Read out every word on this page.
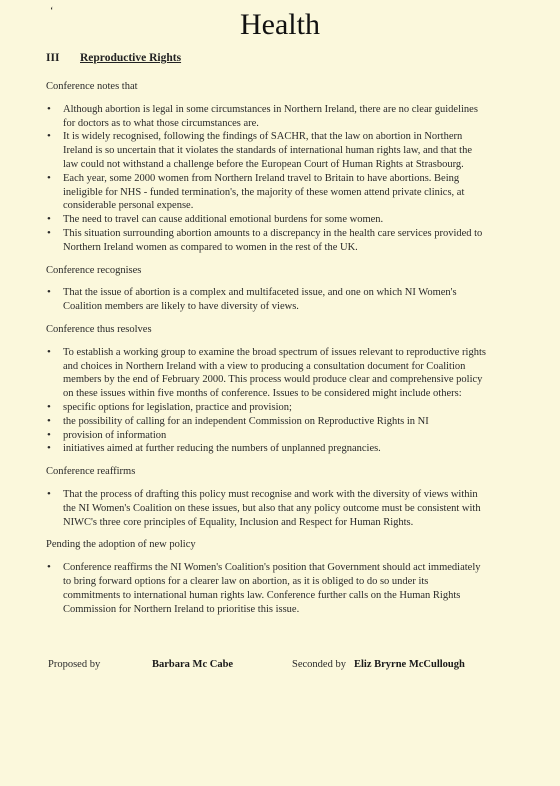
‘	Health
III Reproductive Rights

Conference notes that

• Although abortion is legal in some circumstances in Northern Ireland, there are no clear guidelines for doctors as to what those circumstances are.
• It is widely recognised, following the findings of SACHR, that the law on abortion in Northern Ireland is so uncertain that it violates the standards of international human rights law, and that the law could not withstand a challenge before the European Court of Human Rights at Strasbourg.
• Each year, some 2000 women from Northern Ireland travel to Britain to have abortions. Being ineligible for NHS - funded termination's, the majority of these women attend private clinics, at considerable personal expense.
• The need to travel can cause additional emotional burdens for some women.
• This situation surrounding abortion amounts to a discrepancy in the health care services provided to Northern Ireland women as compared to women in the rest of the UK.

Conference recognises

• That the issue of abortion is a complex and multifaceted issue, and one on which NI Women's Coalition members are likely to have diversity of views.

Conference thus resolves

• To establish a working group to examine the broad spectrum of issues relevant to reproductive rights and choices in Northern Ireland with a view to producing a consultation document for Coalition members by the end of February 2000. This process would produce clear and comprehensive policy on these issues within five months of conference. Issues to be considered might include others:
• specific options for legislation, practice and provision;
• the possibility of calling for an independent Commission on Reproductive Rights in NI
• provision of information
• initiatives aimed at further reducing the numbers of unplanned pregnancies.

Conference reaffirms

• That the process of drafting this policy must recognise and work with the diversity of views within the NI Women's Coalition on these issues, but also that any policy outcome must be consistent with NIWC's three core principles of Equality, Inclusion and Respect for Human Rights.

Pending the adoption of new policy

• Conference reaffirms the NI Women's Coalition's position that Government should act immediately to bring forward options for a clearer law on abortion, as it is obliged to do so under its commitments to international human rights law. Conference further calls on the Human Rights Commission for Northern Ireland to prioritise this issue.
Proposed by	Barbara Mc Cabe	Seconded by Eliz Bryrne McCullough
